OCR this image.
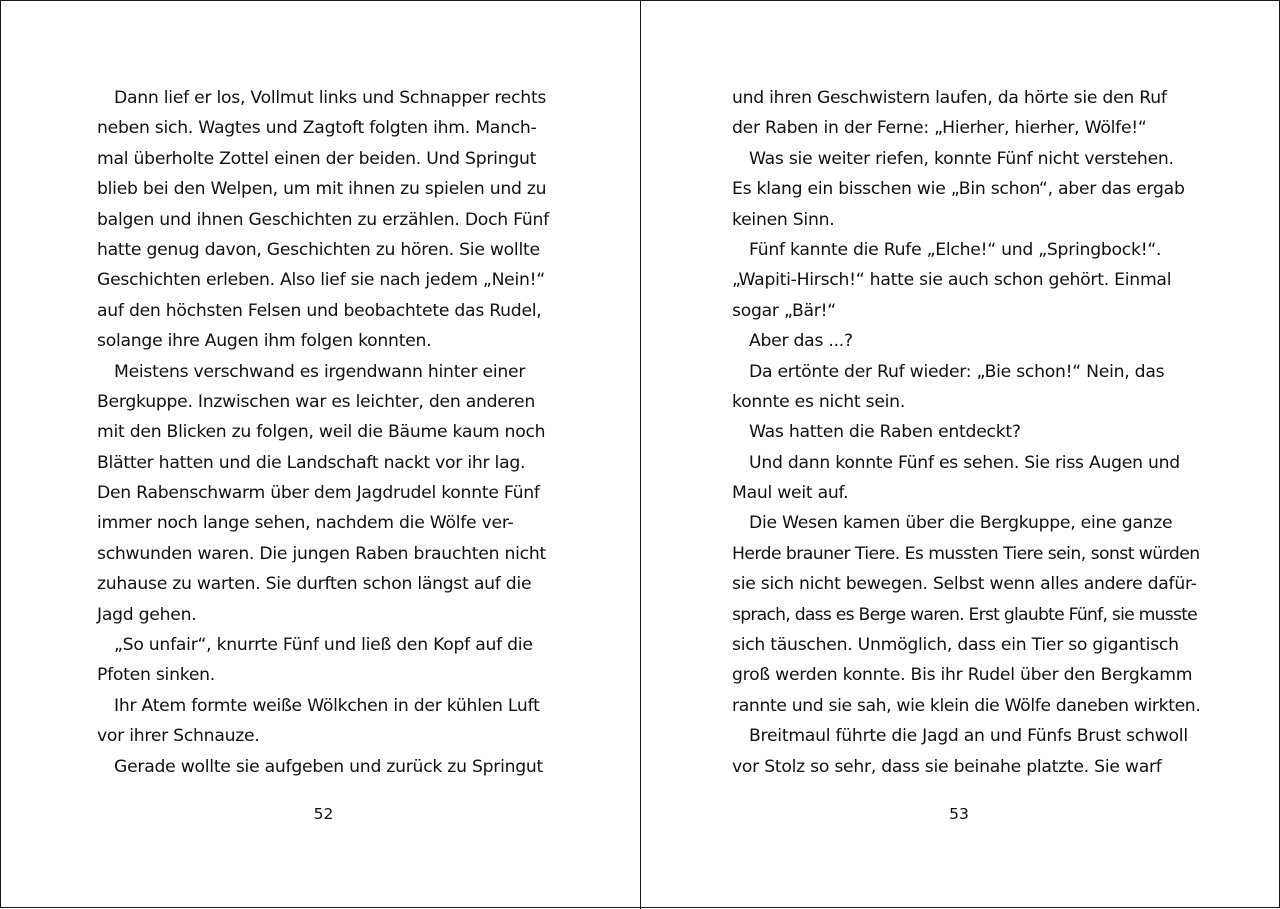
Dann lief er los, Vollmut links und Schnapper rechts
neben sich. Wagtes und Zagtoft folgten ihm. Manch-
mal überholte Zottel einen der beiden. Und Springut
blieb bei den Welpen, um mit ihnen zu spielen und zu
balgen und ihnen Geschichten zu erzählen. Doch Fünf
hatte genug davon, Geschichten zu hören. Sie wollte
Geschichten erleben. Also lief sie nach jedem „Nein!“
auf den höchsten Felsen und beobachtete das Rudel,
solange ihre Augen ihm folgen konnten.
Meistens verschwand es irgendwann hinter einer
Bergkuppe. Inzwischen war es leichter, den anderen
mit den Blicken zu folgen, weil die Bäume kaum noch
Blätter hatten und die Landschaft nackt vor ihr lag.
Den Rabenschwarm über dem Jagdrudel konnte Fünf
immer noch lange sehen, nachdem die Wölfe ver-
schwunden waren. Die jungen Raben brauchten nicht
zuhause zu warten. Sie durften schon längst auf die
Jagd gehen.
„So unfair“, knurrte Fünf und ließ den Kopf auf die
Pfoten sinken.
Ihr Atem formte weiße Wölkchen in der kühlen Luft
vor ihrer Schnauze.
Gerade wollte sie aufgeben und zurück zu Springut
52
und ihren Geschwistern laufen, da hörte sie den Ruf
der Raben in der Ferne: „Hierher, hierher, Wölfe!“
Was sie weiter riefen, konnte Fünf nicht verstehen.
Es klang ein bisschen wie „Bin schon“, aber das ergab
keinen Sinn.
Fünf kannte die Rufe „Elche!“ und „Springbock!“.
„Wapiti-Hirsch!“ hatte sie auch schon gehört. Einmal
sogar „Bär!“
Aber das ...?
Da ertönte der Ruf wieder: „Bie schon!“ Nein, das
konnte es nicht sein.
Was hatten die Raben entdeckt?
Und dann konnte Fünf es sehen. Sie riss Augen und
Maul weit auf.
Die Wesen kamen über die Bergkuppe, eine ganze
Herde brauner Tiere. Es mussten Tiere sein, sonst würden
sie sich nicht bewegen. Selbst wenn alles andere dafür-
sprach, dass es Berge waren. Erst glaubte Fünf, sie musste
sich täuschen. Unmöglich, dass ein Tier so gigantisch
groß werden konnte. Bis ihr Rudel über den Bergkamm
rannte und sie sah, wie klein die Wölfe daneben wirkten.
Breitmaul führte die Jagd an und Fünfs Brust schwoll
vor Stolz so sehr, dass sie beinahe platzte. Sie warf
53
